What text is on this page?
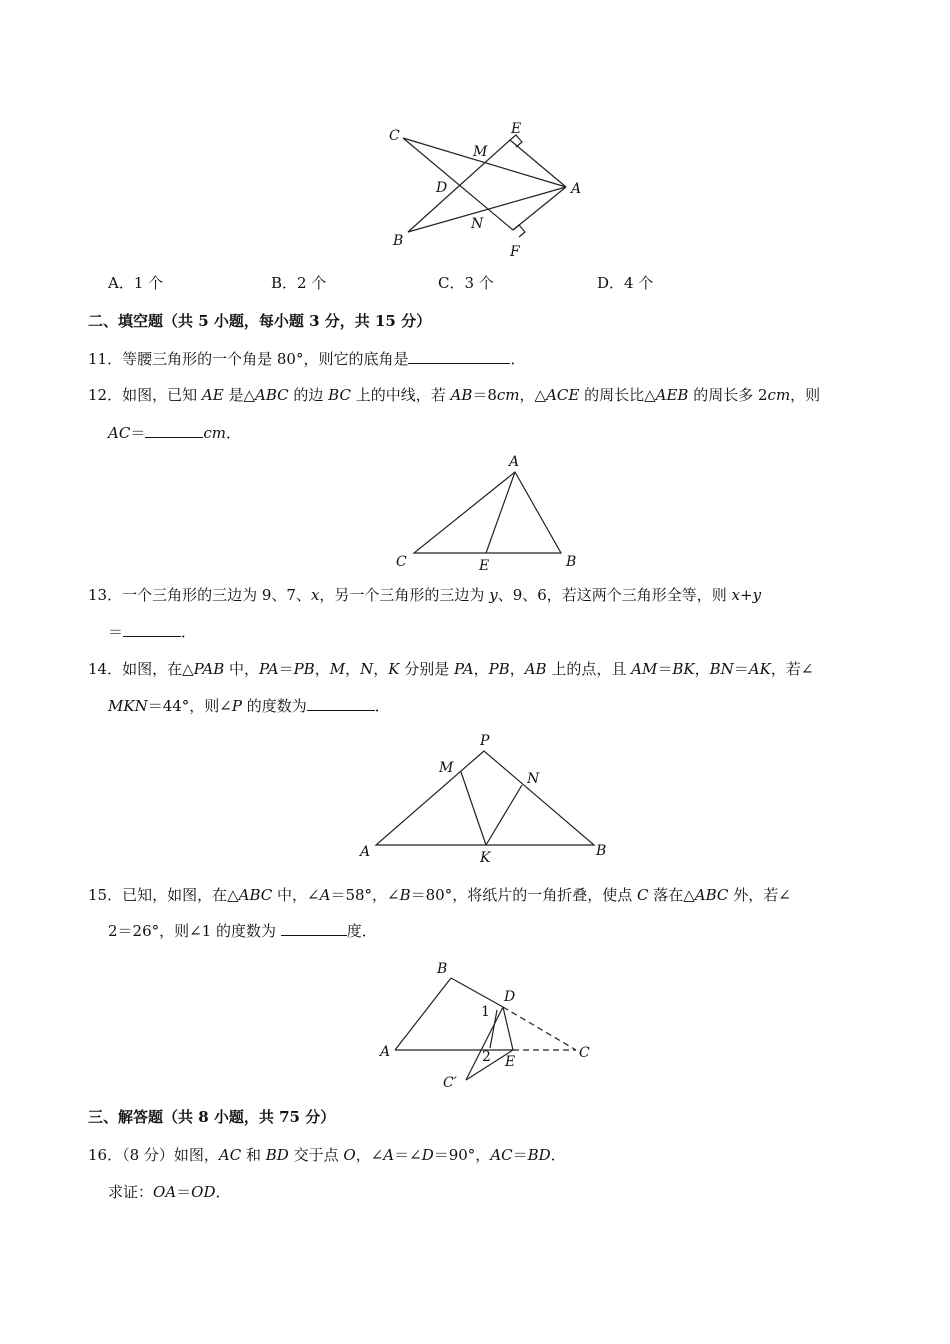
C	E
M
D	A
B
N
F
A．1 个	B．2 个	C．3 个	D．4 个
二、填空题（共 5 小题，每小题 3 分，共 15 分）
11．等腰三角形的一个角是 80°，则它的底角是	．
12．如图，已知 AE 是△ABC 的边 BC 上的中线，若 AB＝8cm，△ACE 的周长比△AEB 的周长多 2cm，则
AC＝	cm．
A
C	E	B
13．一个三角形的三边为 9、7、x，另一个三角形的三边为 y、9、6，若这两个三角形全等，则 x+y
＝	．
14．如图，在△PAB 中，PA＝PB，M，N，K 分别是 PA，PB，AB 上的点，且 AM＝BK，BN＝AK，若∠
MKN＝44°，则∠P 的度数为	．
P
M
N
A	K	B
15．已知，如图，在△ABC 中，∠A＝58°，∠B＝80°，将纸片的一角折叠，使点 C 落在△ABC 外，若∠
2＝26°，则∠1 的度数为	度．
B
D
1
A	2 E
C
C′
三、解答题（共 8 小题，共 75 分）
16．（8 分）如图，AC 和 BD 交于点 O，∠A＝∠D＝90°，AC＝BD．
求证：OA＝OD．
